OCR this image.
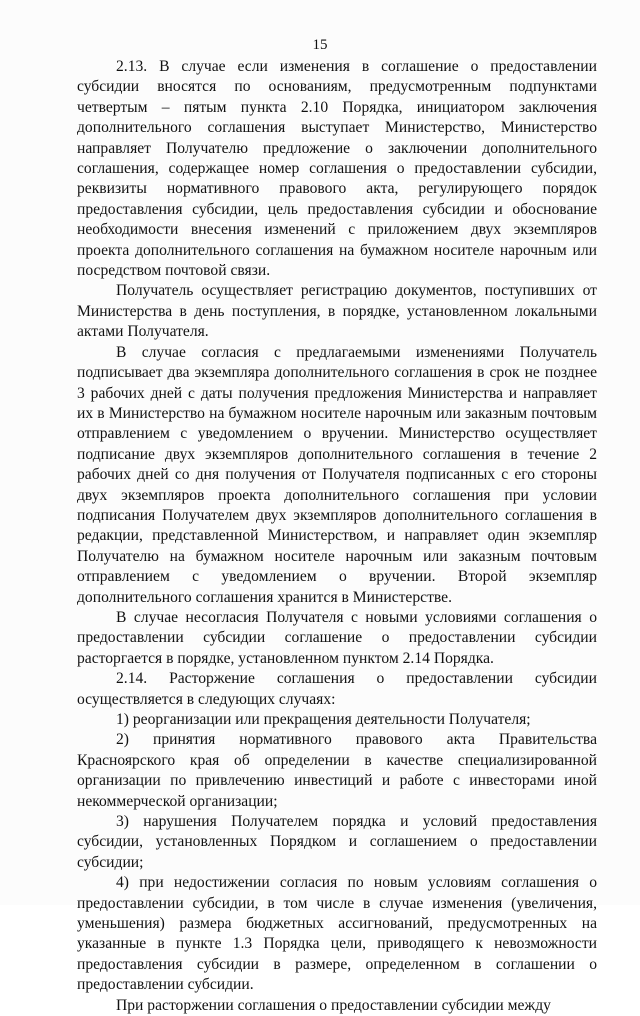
15

2.13. В случае если изменения в соглашение о предоставлении субсидии вносятся по основаниям, предусмотренным подпунктами четвертым – пятым пункта 2.10 Порядка, инициатором заключения дополнительного соглашения выступает Министерство, Министерство направляет Получателю предложение о заключении дополнительного соглашения, содержащее номер соглашения о предоставлении субсидии, реквизиты нормативного правового акта, регулирующего порядок предоставления субсидии, цель предоставления субсидии и обоснование необходимости внесения изменений с приложением двух экземпляров проекта дополнительного соглашения на бумажном носителе нарочным или посредством почтовой связи.

Получатель осуществляет регистрацию документов, поступивших от Министерства в день поступления, в порядке, установленном локальными актами Получателя.

В случае согласия с предлагаемыми изменениями Получатель подписывает два экземпляра дополнительного соглашения в срок не позднее 3 рабочих дней с даты получения предложения Министерства и направляет их в Министерство на бумажном носителе нарочным или заказным почтовым отправлением с уведомлением о вручении. Министерство осуществляет подписание двух экземпляров дополнительного соглашения в течение 2 рабочих дней со дня получения от Получателя подписанных с его стороны двух экземпляров проекта дополнительного соглашения при условии подписания Получателем двух экземпляров дополнительного соглашения в редакции, представленной Министерством, и направляет один экземпляр Получателю на бумажном носителе нарочным или заказным почтовым отправлением с уведомлением о вручении. Второй экземпляр дополнительного соглашения хранится в Министерстве.

В случае несогласия Получателя с новыми условиями соглашения о предоставлении субсидии соглашение о предоставлении субсидии расторгается в порядке, установленном пунктом 2.14 Порядка.

2.14. Расторжение соглашения о предоставлении субсидии осуществляется в следующих случаях:

1) реорганизации или прекращения деятельности Получателя;

2) принятия нормативного правового акта Правительства Красноярского края об определении в качестве специализированной организации по привлечению инвестиций и работе с инвесторами иной некоммерческой организации;

3) нарушения Получателем порядка и условий предоставления субсидии, установленных Порядком и соглашением о предоставлении субсидии;

4) при недостижении согласия по новым условиям соглашения о предоставлении субсидии, в том числе в случае изменения (увеличения, уменьшения) размера бюджетных ассигнований, предусмотренных на указанные в пункте 1.3 Порядка цели, приводящего к невозможности предоставления субсидии в размере, определенном в соглашении о предоставлении субсидии.

При расторжении соглашения о предоставлении субсидии между
